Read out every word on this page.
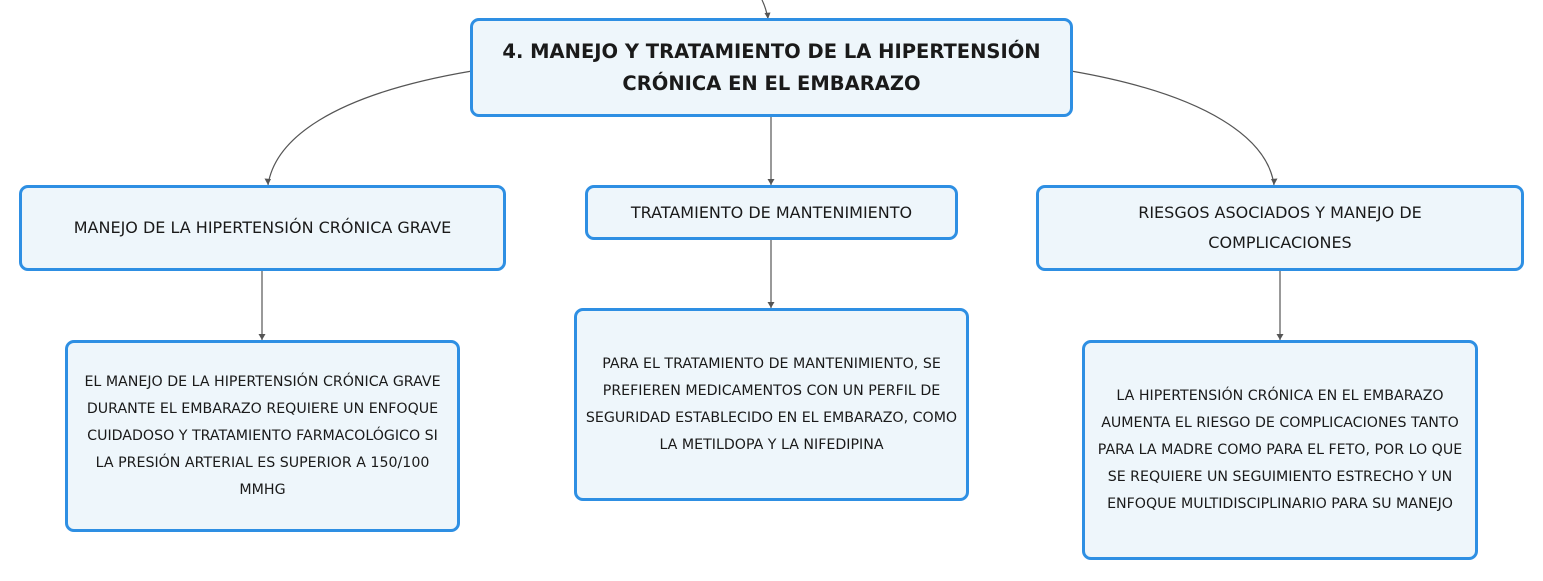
4. MANEJO Y TRATAMIENTO DE LA HIPERTENSIÓN CRÓNICA EN EL EMBARAZO
MANEJO DE LA HIPERTENSIÓN CRÓNICA GRAVE
TRATAMIENTO DE MANTENIMIENTO	RIESGOS ASOCIADOS Y MANEJO DE COMPLICACIONES
EL MANEJO DE LA HIPERTENSIÓN CRÓNICA GRAVE DURANTE EL EMBARAZO REQUIERE UN ENFOQUE CUIDADOSO Y TRATAMIENTO FARMACOLÓGICO SI LA PRESIÓN ARTERIAL ES SUPERIOR A 150/100 MMHG
PARA EL TRATAMIENTO DE MANTENIMIENTO, SE PREFIEREN MEDICAMENTOS CON UN PERFIL DE SEGURIDAD ESTABLECIDO EN EL EMBARAZO, COMO LA METILDOPA Y LA NIFEDIPINA
LA HIPERTENSIÓN CRÓNICA EN EL EMBARAZO AUMENTA EL RIESGO DE COMPLICACIONES TANTO PARA LA MADRE COMO PARA EL FETO, POR LO QUE SE REQUIERE UN SEGUIMIENTO ESTRECHO Y UN ENFOQUE MULTIDISCIPLINARIO PARA SU MANEJO
